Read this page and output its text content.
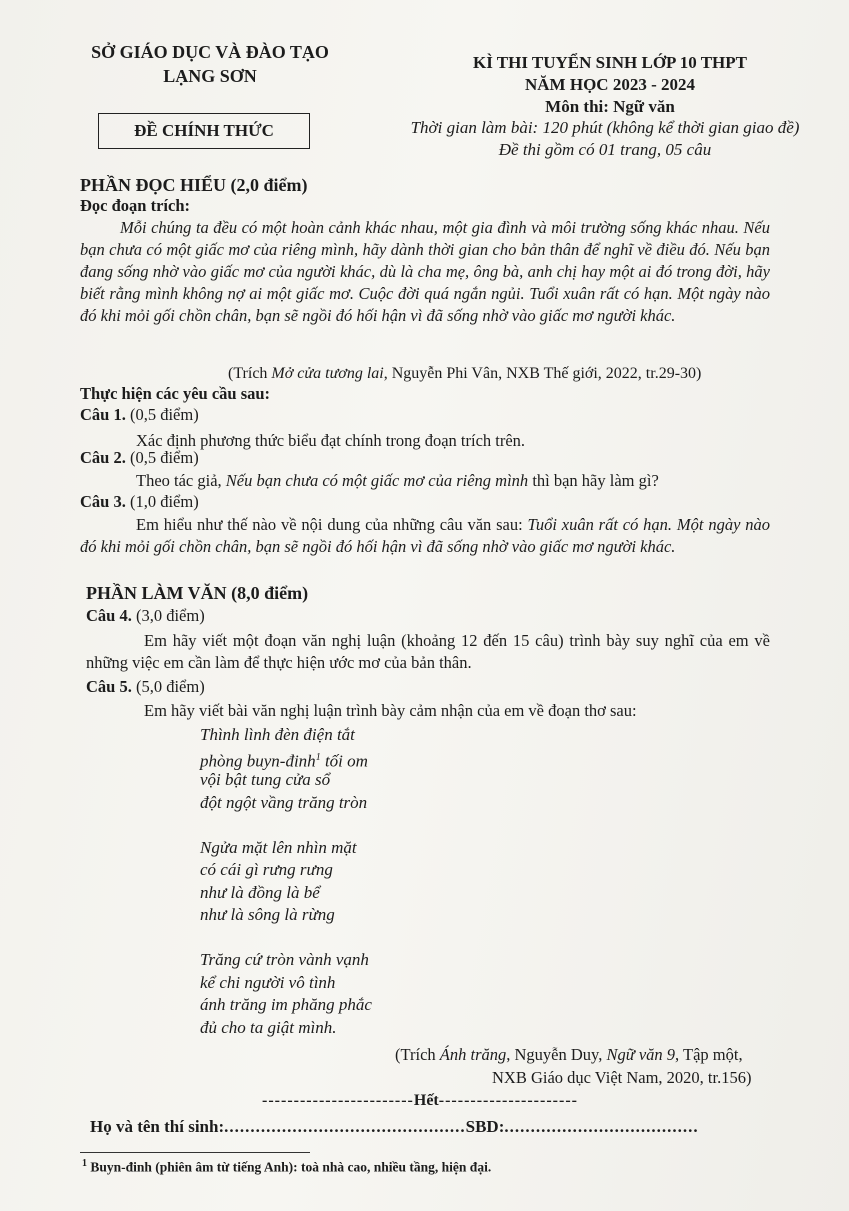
SỞ GIÁO DỤC VÀ ĐÀO TẠO
LẠNG SƠN
KÌ THI TUYỂN SINH LỚP 10 THPT
NĂM HỌC 2023 - 2024
Môn thi: Ngữ văn
ĐỀ CHÍNH THỨC	Thời gian làm bài: 120 phút (không kể thời gian giao đề)
Đề thi gồm có 01 trang, 05 câu
PHẦN ĐỌC HIỂU (2,0 điểm)
Đọc đoạn trích:
Mỗi chúng ta đều có một hoàn cảnh khác nhau, một gia đình và môi trường sống khác nhau. Nếu bạn chưa có một giấc mơ của riêng mình, hãy dành thời gian cho bản thân để nghĩ về điều đó. Nếu bạn đang sống nhờ vào giấc mơ của người khác, dù là cha mẹ, ông bà, anh chị hay một ai đó trong đời, hãy biết rằng mình không nợ ai một giấc mơ. Cuộc đời quá ngắn ngủi. Tuổi xuân rất có hạn. Một ngày nào đó khi mỏi gối chồn chân, bạn sẽ ngồi đó hối hận vì đã sống nhờ vào giấc mơ người khác.
(Trích Mở cửa tương lai, Nguyễn Phi Vân, NXB Thế giới, 2022, tr.29-30)
Thực hiện các yêu cầu sau:
Câu 1. (0,5 điểm)
Xác định phương thức biểu đạt chính trong đoạn trích trên.
Câu 2. (0,5 điểm)
Theo tác giả, Nếu bạn chưa có một giấc mơ của riêng mình thì bạn hãy làm gì?
Câu 3. (1,0 điểm)
Em hiểu như thế nào về nội dung của những câu văn sau: Tuổi xuân rất có hạn. Một ngày nào đó khi mỏi gối chồn chân, bạn sẽ ngồi đó hối hận vì đã sống nhờ vào giấc mơ người khác.
PHẦN LÀM VĂN (8,0 điểm)
Câu 4. (3,0 điểm)
Em hãy viết một đoạn văn nghị luận (khoảng 12 đến 15 câu) trình bày suy nghĩ của em về những việc em cần làm để thực hiện ước mơ của bản thân.
Câu 5. (5,0 điểm)
Em hãy viết bài văn nghị luận trình bày cảm nhận của em về đoạn thơ sau:
Thình lình đèn điện tắt
phòng buyn-đinh$^1$ tối om
vội bật tung cửa sổ
đột ngột vầng trăng tròn
Ngửa mặt lên nhìn mặt
có cái gì rưng rưng
như là đồng là bể
như là sông là rừng
Trăng cứ tròn vành vạnh
kể chi người vô tình
ánh trăng im phăng phắc
đủ cho ta giật mình.
(Trích Ánh trăng, Nguyễn Duy, Ngữ văn 9, Tập một,
NXB Giáo dục Việt Nam, 2020, tr.156)
------------------------Hết----------------------
Họ và tên thí sinh:..............................................SBD:.....................................
$^1$ Buyn-đinh (phiên âm từ tiếng Anh): toà nhà cao, nhiều tầng, hiện đại.
